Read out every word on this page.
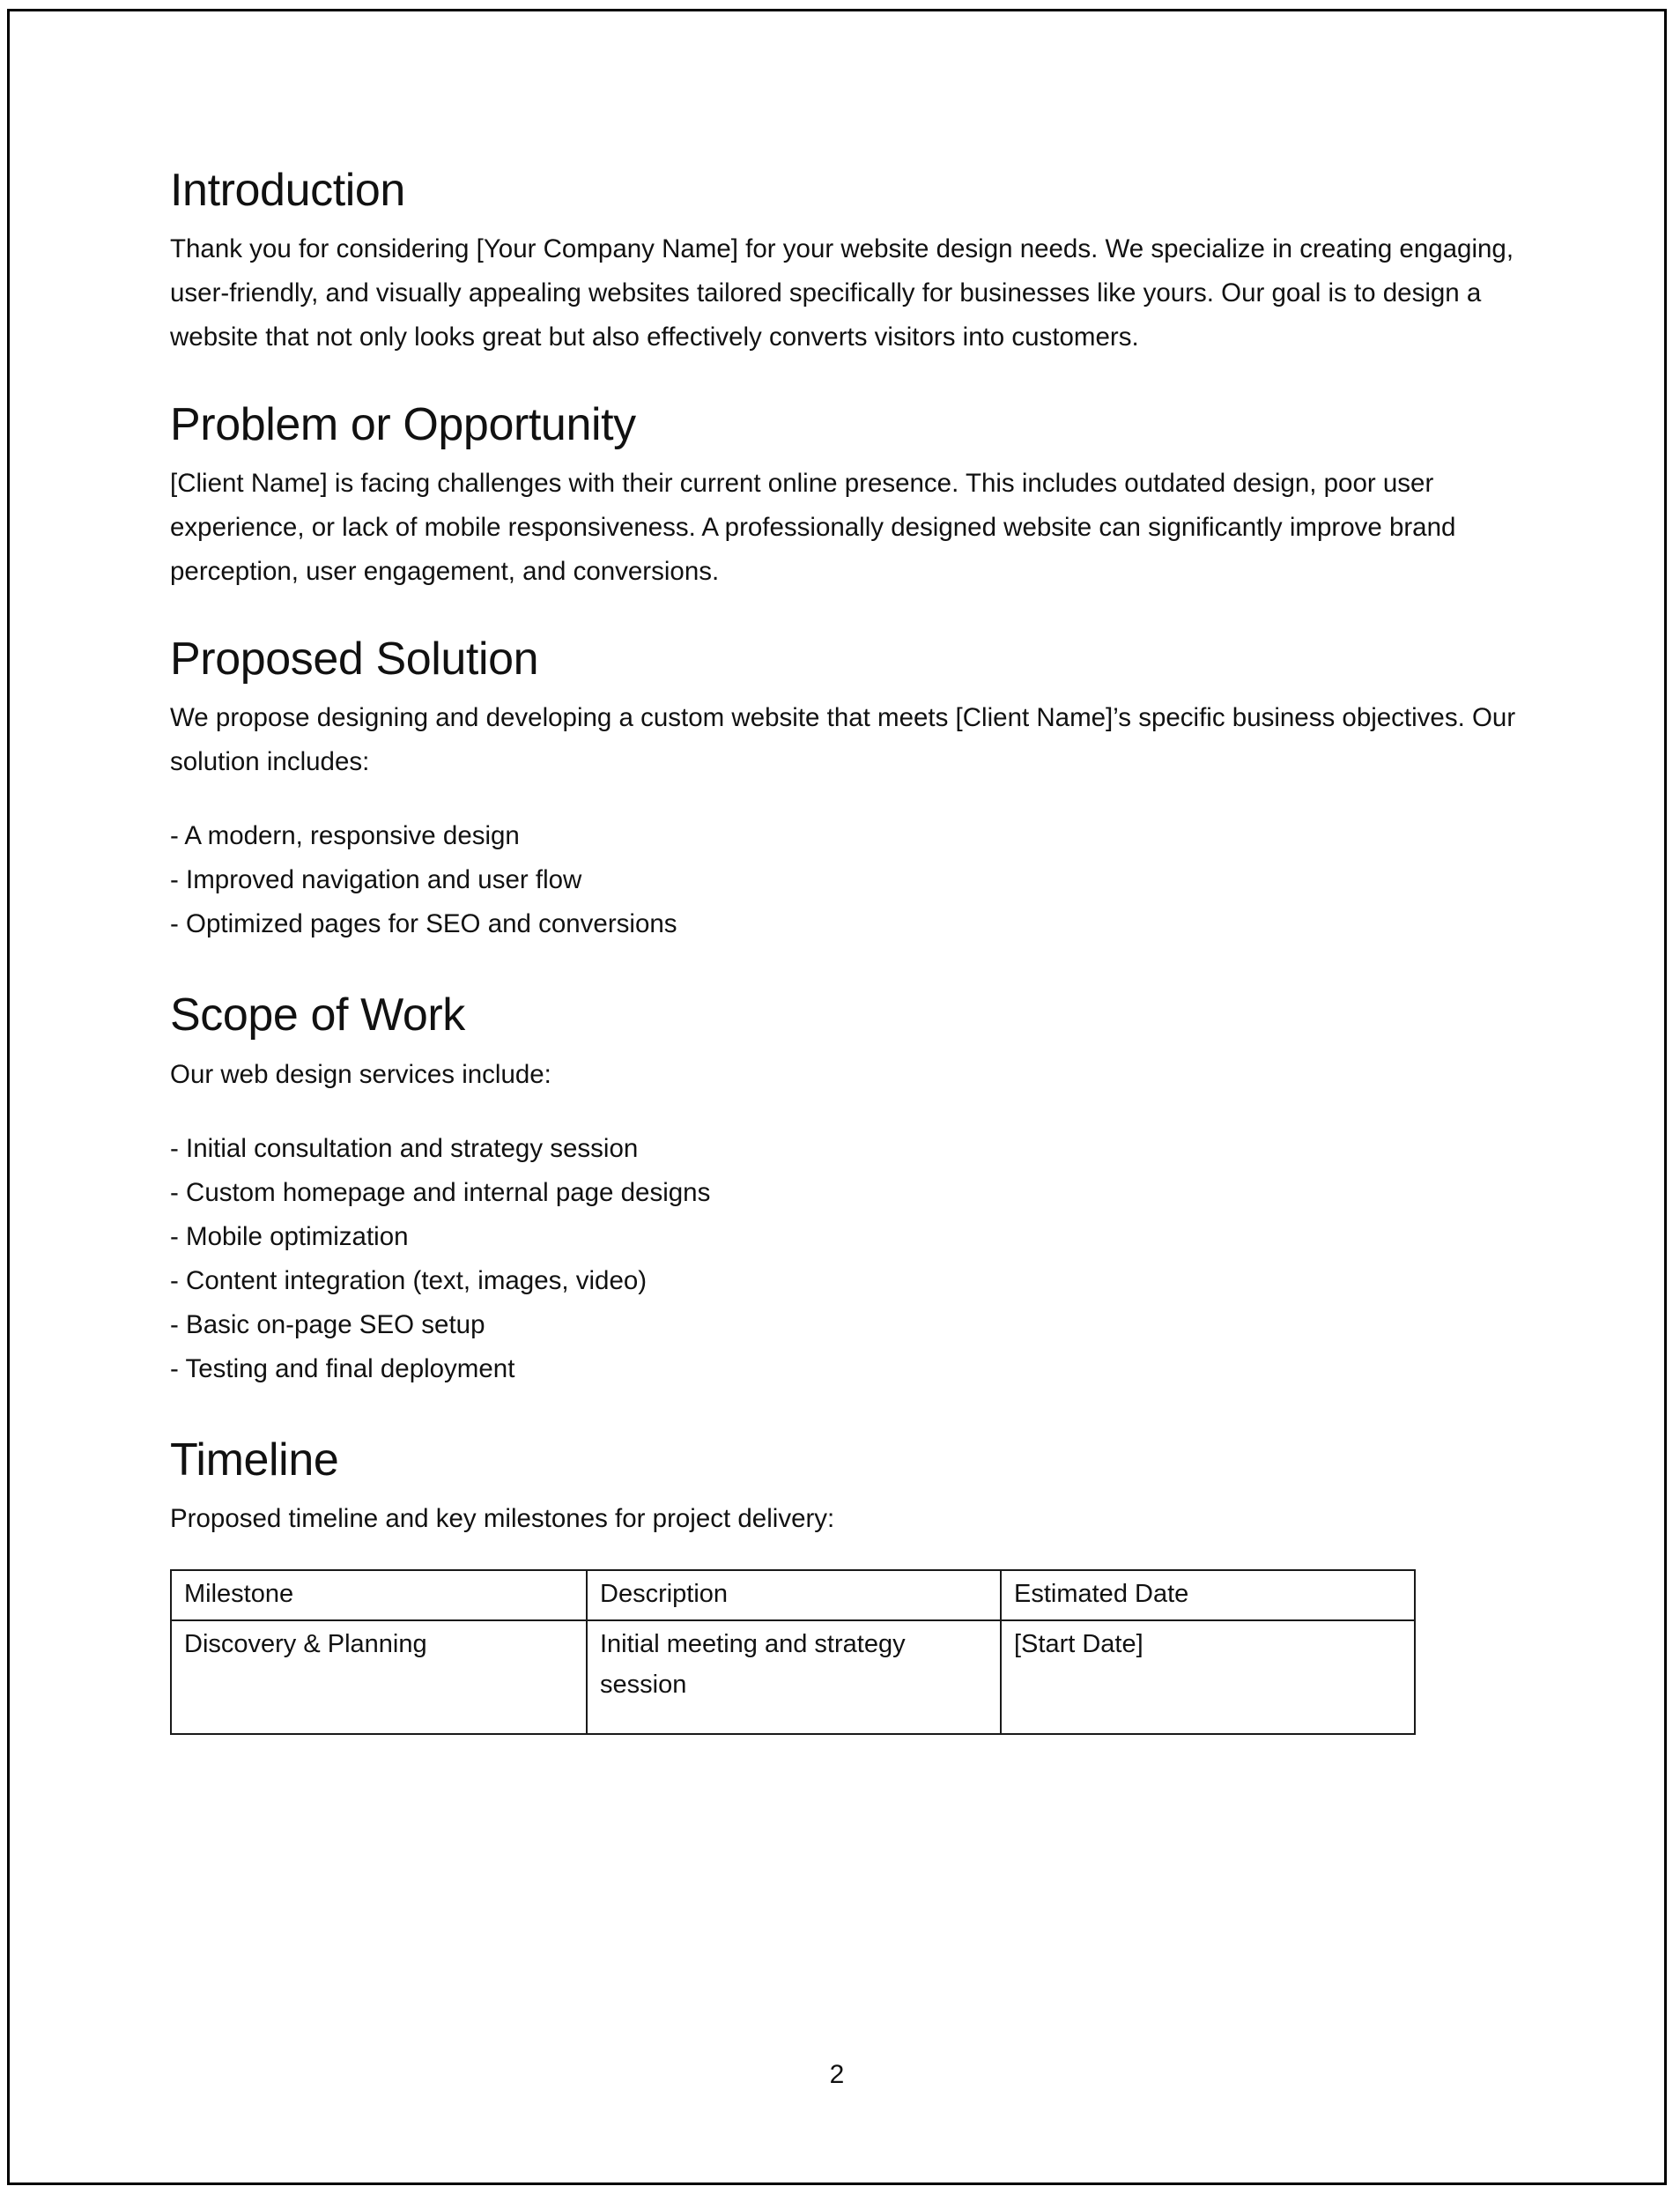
Introduction

Thank you for considering [Your Company Name] for your website design needs. We specialize in creating engaging, user-friendly, and visually appealing websites tailored specifically for businesses like yours. Our goal is to design a website that not only looks great but also effectively converts visitors into customers.

Problem or Opportunity

[Client Name] is facing challenges with their current online presence. This includes outdated design, poor user experience, or lack of mobile responsiveness. A professionally designed website can significantly improve brand perception, user engagement, and conversions.

Proposed Solution

We propose designing and developing a custom website that meets [Client Name]’s specific business objectives. Our solution includes:

- A modern, responsive design
- Improved navigation and user flow
- Optimized pages for SEO and conversions
Scope of Work

Our web design services include:

- Initial consultation and strategy session
- Custom homepage and internal page designs
- Mobile optimization
- Content integration (text, images, video)
- Basic on-page SEO setup
- Testing and final deployment
Timeline

Proposed timeline and key milestones for project delivery:

Milestone	Description	Estimated Date
Discovery & Planning	Initial meeting and strategy session	[Start Date]
2
